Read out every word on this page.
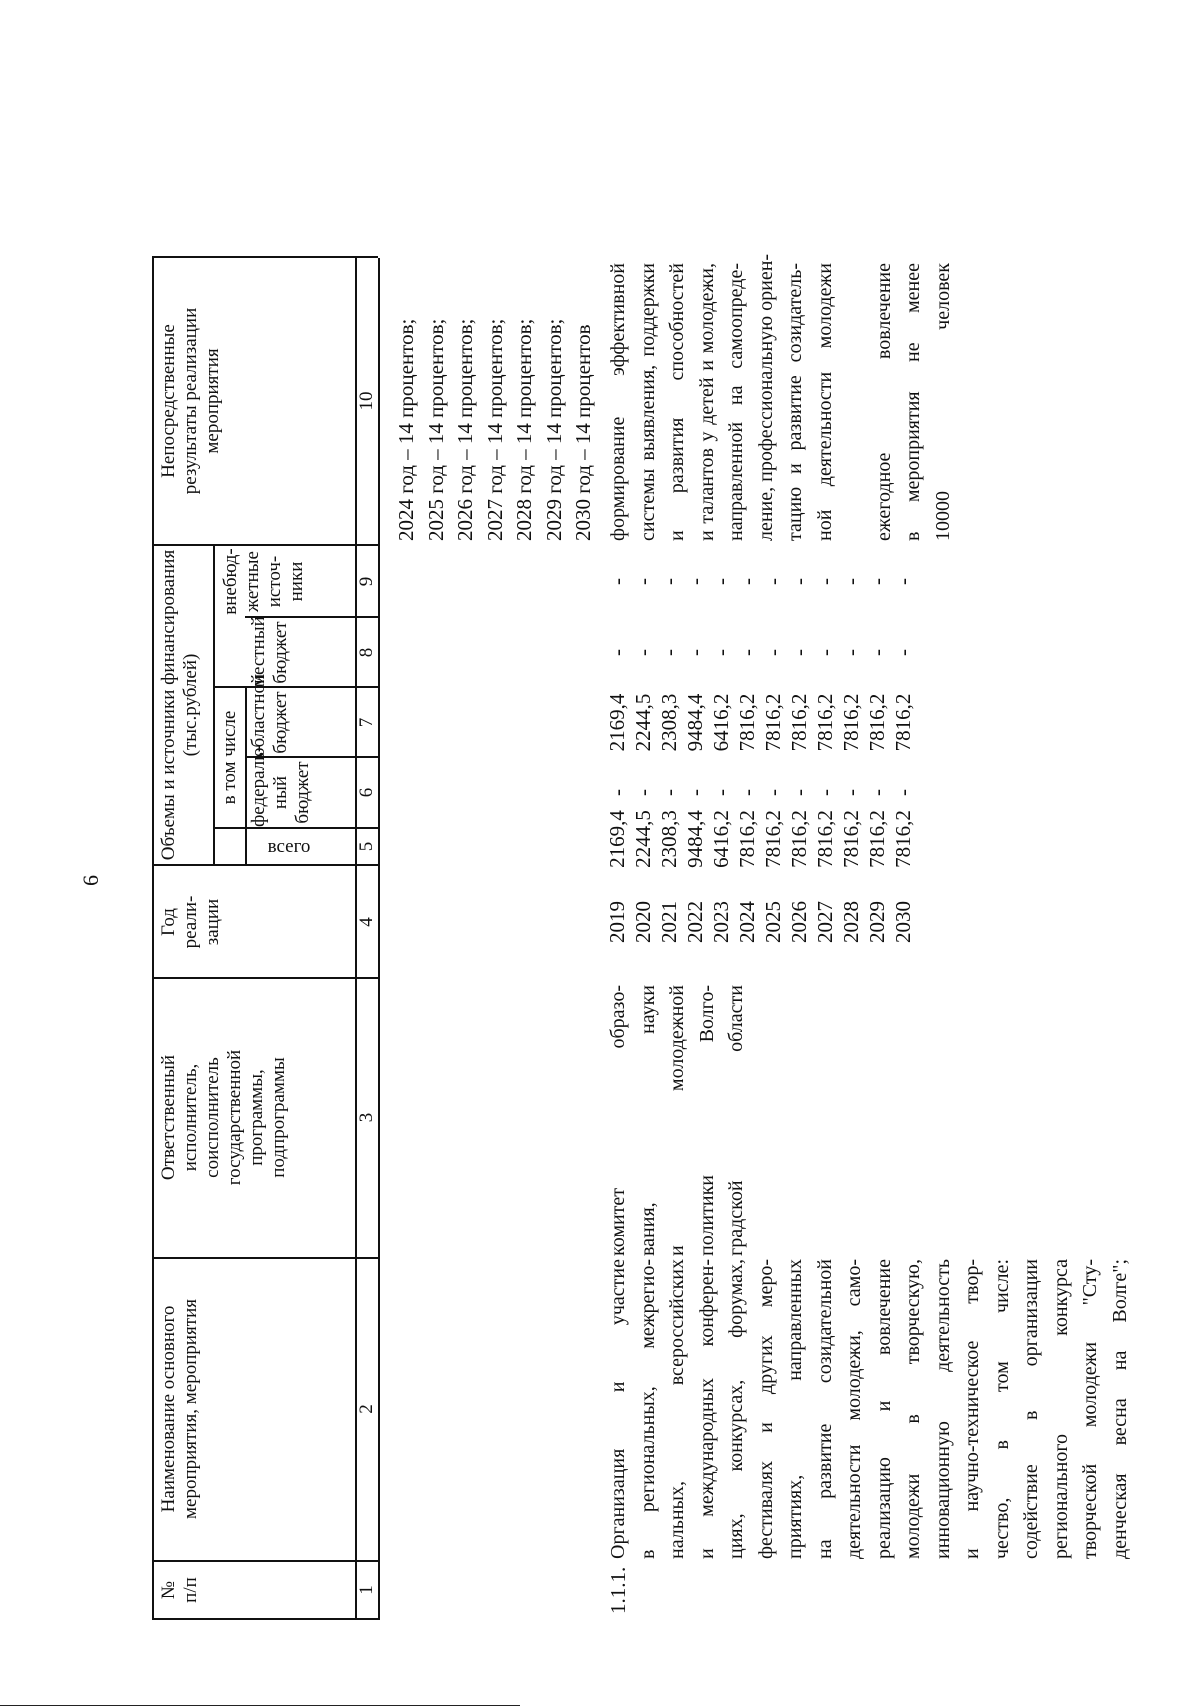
6
№
п/п
Наименование основного
мероприятия, мероприятия
Ответственный
исполнитель,
соисполнитель
государственной
программы,
подпрограммы
Год
реали-
зации
Объемы и источники финансирования
(тыс.рублей)
всего
в том числе федераль-
ный
бюджет
областной
бюджет
местный
бюджет
внебюд-
жетные
источ-
ники
Непосредственные
результаты реализации
мероприятия
1
2
3
4
5
6
7
8
9
10 2024 год – 14 процентов; 2025 год – 14 процентов; 2026 год – 14 процентов; 2027 год – 14 процентов; 2028 год – 14 процентов; 2029 год – 14 процентов; 2030 год – 14 процентов
1.1.1.
Организация и участие в региональных, межрегио- нальных, всероссийских и международных конферен- циях, конкурсах, форумах, фестивалях и других меро- приятиях, направленных на развитие созидательной деятельности молодежи, само- реализацию и вовлечение молодежи в творческую, инновационную деятельность и научно-техническое твор- чество, в том числе: содействие в организации регионального конкурса творческой молодежи "Сту- денческая весна на Волге";
комитет образо- вания, науки и молодежной политики Волго- градской области
2019 2020 2021 2022 2023 2024 2025 2026 2027 2028 2029 2030
2169,4 2244,5 2308,3 9484,4 6416,2 7816,2 7816,2 7816,2 7816,2 7816,2 7816,2 7816,2
- - - - - - - - - - - -
2169,4 2244,5 2308,3 9484,4 6416,2 7816,2 7816,2 7816,2 7816,2 7816,2 7816,2 7816,2
- - - - - - - - - - - -
- - - - - - - - - - - -
формирование эффективной системы выявления, поддержки и развития способностей и талантов у детей и молодежи, направленной на самоопреде- ление, профессиональную ориен- тацию и развитие созидатель- ной деятельности молодежи
ежегодное вовлечение в мероприятия не менее 10000 человек
